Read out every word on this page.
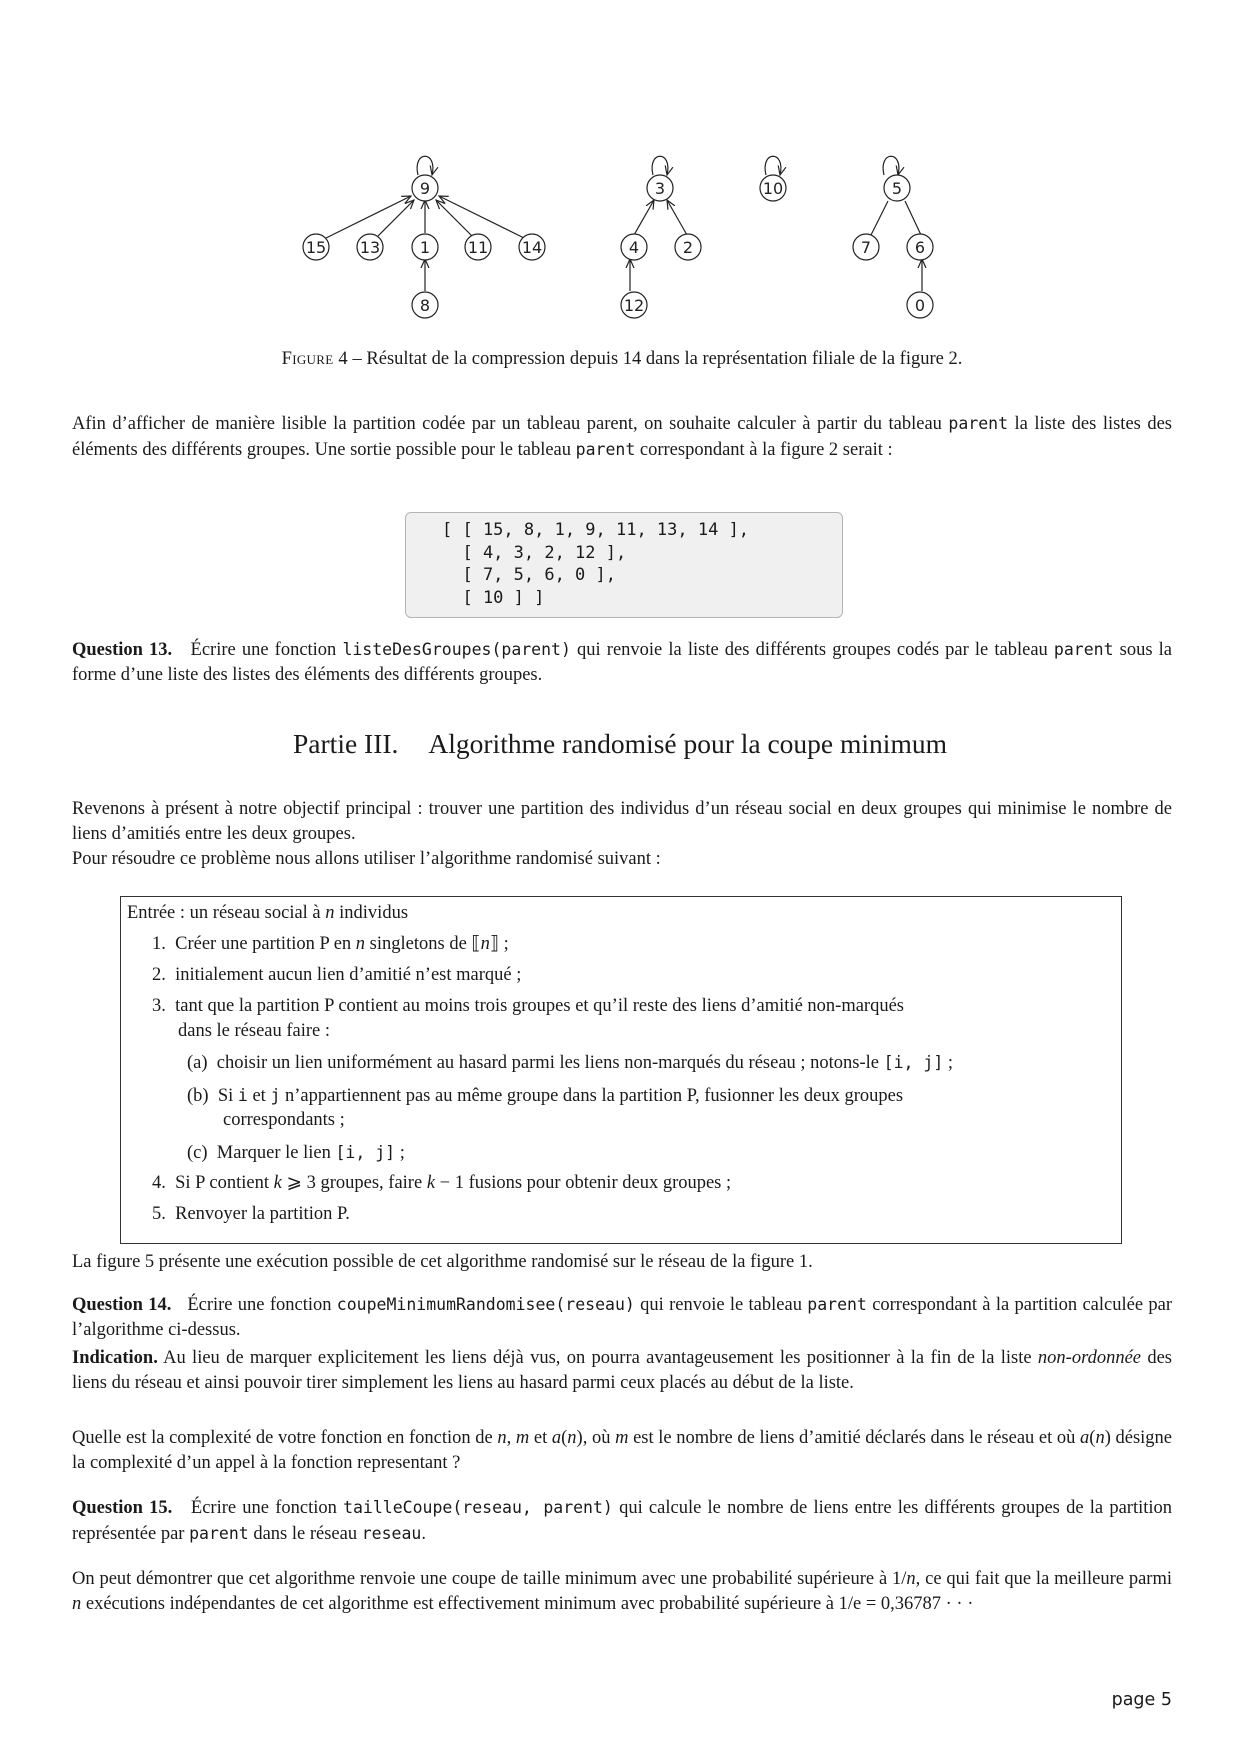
9
15 13 1 11 14
8
3
4	2
12
10	5
7	6
0
Figure 4 – Résultat de la compression depuis 14 dans la représentation filiale de la figure 2.

Afin d’afficher de manière lisible la partition codée par un tableau parent, on souhaite calculer à partir du tableau parent la liste des listes des éléments des différents groupes. Une sortie possible pour le tableau parent correspondant à la figure 2 serait :

[ [ 15, 8, 1, 9, 11, 13, 14 ],
[ 4, 3, 2, 12 ],
[ 7, 5, 6, 0 ],
[ 10 ] ]

Question 13. Écrire une fonction listeDesGroupes(parent) qui renvoie la liste des différents groupes codés par le tableau parent sous la forme d’une liste des listes des éléments des différents groupes.

Partie III. Algorithme randomisé pour la coupe minimum

Revenons à présent à notre objectif principal : trouver une partition des individus d’un réseau social en deux groupes qui minimise le nombre de liens d’amitiés entre les deux groupes.

Pour résoudre ce problème nous allons utiliser l’algorithme randomisé suivant :

Entrée : un réseau social à n individus
1. Créer une partition P en n singletons de ⟦n⟧ ;
2. initialement aucun lien d’amitié n’est marqué ;
3. tant que la partition P contient au moins trois groupes et qu’il reste des liens d’amitié non-marqués
dans le réseau faire :
(a) choisir un lien uniformément au hasard parmi les liens non-marqués du réseau ; notons-le [i, j] ;
(b) Si i et j n’appartiennent pas au même groupe dans la partition P, fusionner les deux groupes
correspondants ;
(c) Marquer le lien [i, j] ;
4. Si P contient k ⩾ 3 groupes, faire k − 1 fusions pour obtenir deux groupes ;
5. Renvoyer la partition P.

La figure 5 présente une exécution possible de cet algorithme randomisé sur le réseau de la figure 1.

Question 14. Écrire une fonction coupeMinimumRandomisee(reseau) qui renvoie le tableau parent correspondant à la partition calculée par l’algorithme ci-dessus.

Indication. Au lieu de marquer explicitement les liens déjà vus, on pourra avantageusement les positionner à la fin de la liste non-ordonnée des liens du réseau et ainsi pouvoir tirer simplement les liens au hasard parmi ceux placés au début de la liste.

Quelle est la complexité de votre fonction en fonction de n, m et a(n), où m est le nombre de liens d’amitié déclarés dans le réseau et où a(n) désigne la complexité d’un appel à la fonction representant ?

Question 15. Écrire une fonction tailleCoupe(reseau, parent) qui calcule le nombre de liens entre les différents groupes de la partition représentée par parent dans le réseau reseau.

On peut démontrer que cet algorithme renvoie une coupe de taille minimum avec une probabilité supérieure à 1/n, ce qui fait que la meilleure parmi n exécutions indépendantes de cet algorithme est effectivement minimum avec probabilité supérieure à 1/e = 0,36787 · · ·

page 5
